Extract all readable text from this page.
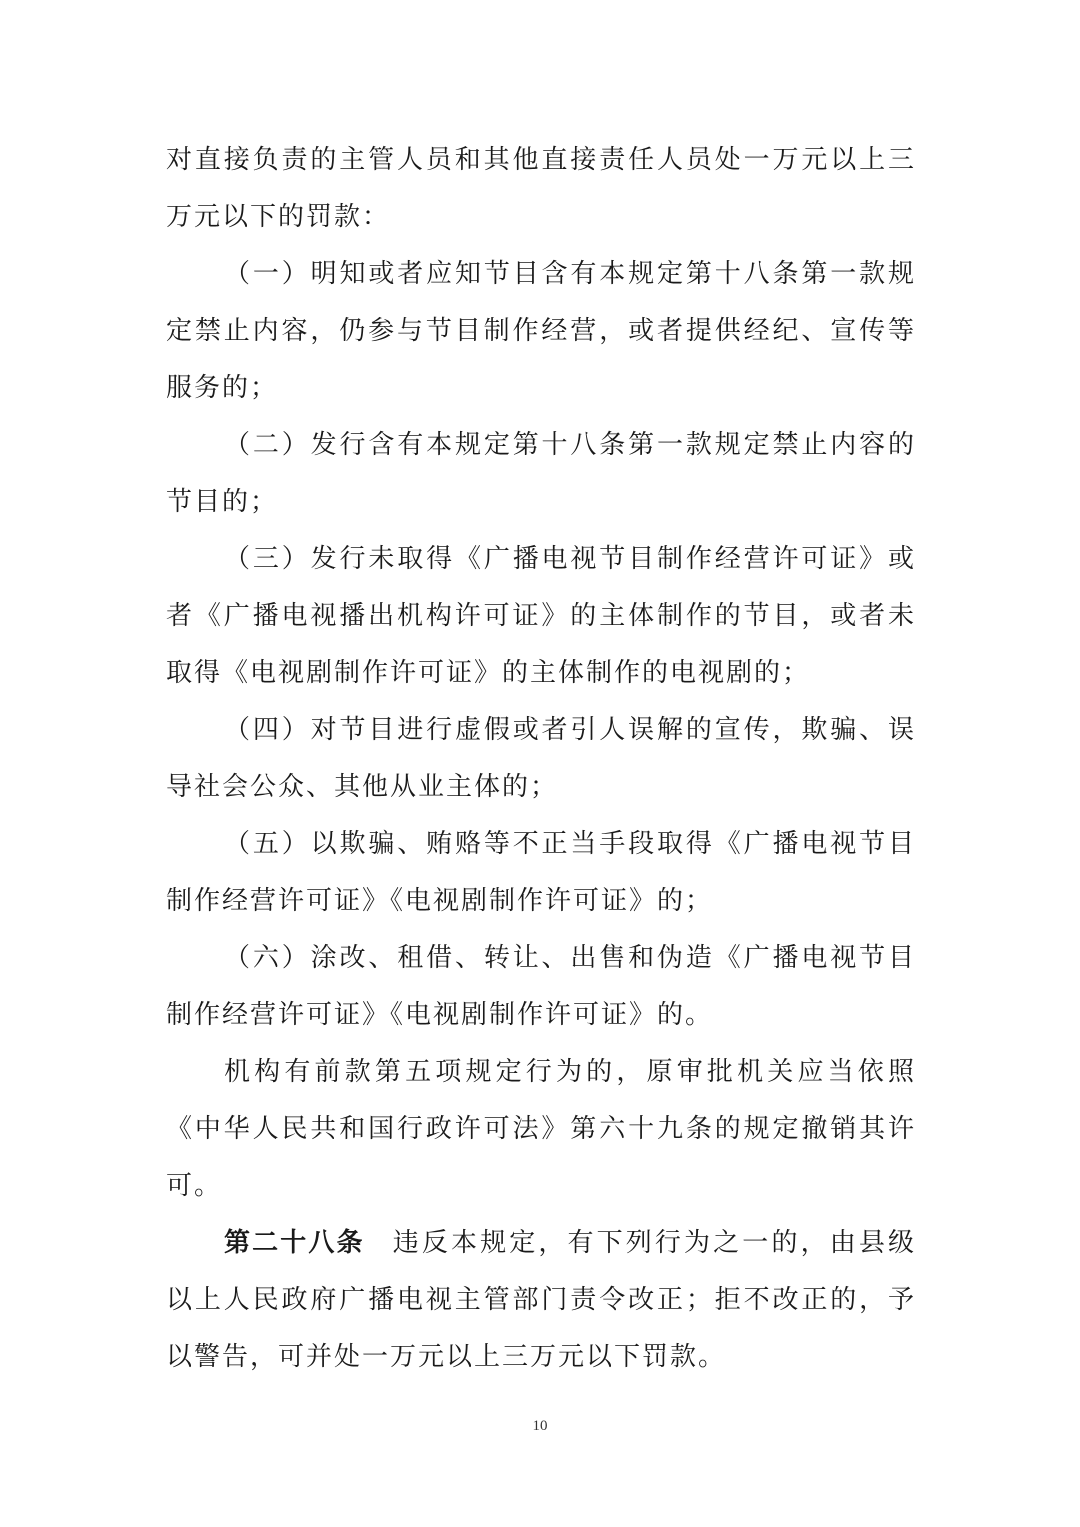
对直接负责的主管人员和其他直接责任人员处一万元以上三万元以下的罚款：

（一）明知或者应知节目含有本规定第十八条第一款规定禁止内容，仍参与节目制作经营，或者提供经纪、宣传等服务的；

（二）发行含有本规定第十八条第一款规定禁止内容的节目的；

（三）发行未取得《广播电视节目制作经营许可证》或者《广播电视播出机构许可证》的主体制作的节目，或者未取得《电视剧制作许可证》的主体制作的电视剧的；

（四）对节目进行虚假或者引人误解的宣传，欺骗、误导社会公众、其他从业主体的；

（五）以欺骗、贿赂等不正当手段取得《广播电视节目制作经营许可证》《电视剧制作许可证》的；

（六）涂改、租借、转让、出售和伪造《广播电视节目制作经营许可证》《电视剧制作许可证》的。

机构有前款第五项规定行为的，原审批机关应当依照《中华人民共和国行政许可法》第六十九条的规定撤销其许可。

第二十八条 违反本规定，有下列行为之一的，由县级以上人民政府广播电视主管部门责令改正；拒不改正的，予以警告，可并处一万元以上三万元以下罚款。

10
